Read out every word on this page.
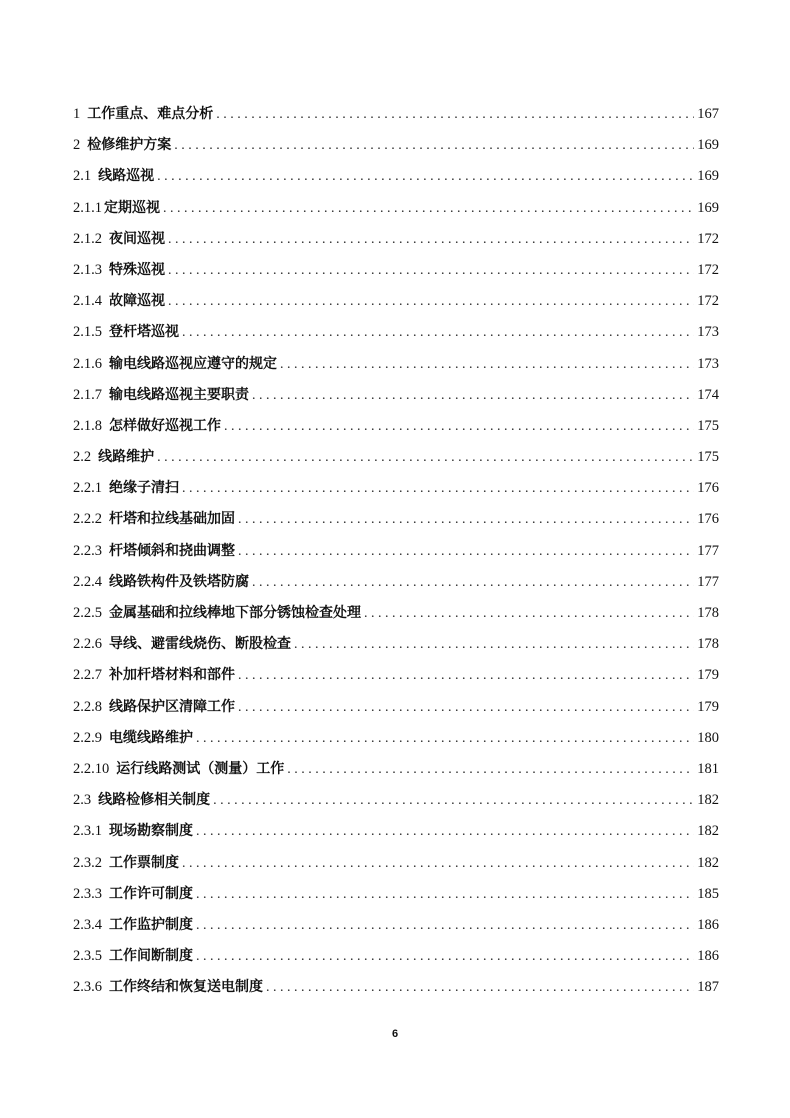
1 工作重点、难点分析 . . .	167
2 检修维护方案 . . .	169
2.1 线路巡视 . . .	169
2.1.1 定期巡视 . . .	169
2.1.2 夜间巡视 . . .	172
2.1.3 特殊巡视 . . .	172
2.1.4 故障巡视 . . .	172
2.1.5 登杆塔巡视 . . .	173
2.1.6 输电线路巡视应遵守的规定 . . .	173
2.1.7 输电线路巡视主要职责 . . .	174
2.1.8 怎样做好巡视工作 . . .	175
2.2 线路维护 . . .	175
2.2.1 绝缘子清扫 . . .	176
2.2.2 杆塔和拉线基础加固 . . .	176
2.2.3 杆塔倾斜和挠曲调整 . . .	177
2.2.4 线路铁构件及铁塔防腐 . . .	177
2.2.5 金属基础和拉线棒地下部分锈蚀检查处理 . . .	178
2.2.6 导线、避雷线烧伤、断股检查 . . .	178
2.2.7 补加杆塔材料和部件 . . .	179
2.2.8 线路保护区清障工作 . . .	179
2.2.9 电缆线路维护 . . .	180
2.2.10 运行线路测试（测量）工作 . . .	181
2.3 线路检修相关制度 . . .	182
2.3.1 现场勘察制度 . . .	182
2.3.2 工作票制度 . . .	182
2.3.3 工作许可制度 . . .	185
2.3.4 工作监护制度 . . .	186
2.3.5 工作间断制度 . . .	186
2.3.6 工作终结和恢复送电制度 . . .	187
6
